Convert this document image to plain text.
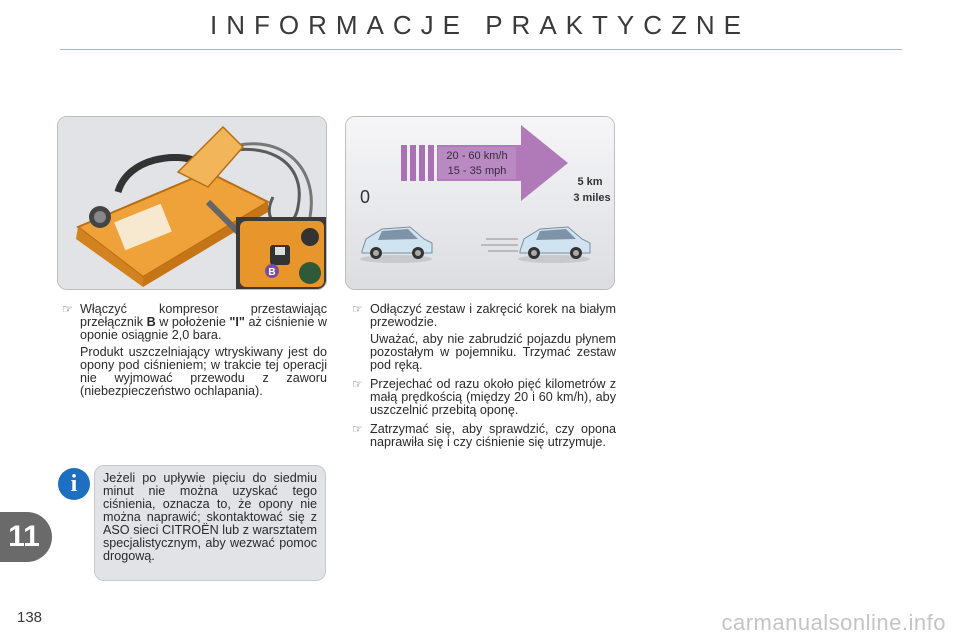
INFORMACJE PRAKTYCZNE
B
20 - 60 km/h
15 - 35 mph
0
5 km
3 miles
☞ Włączyć kompresor przestawiając przełącznik B w położenie "I" aż ciśnienie w oponie osiągnie 2,0 bara.
Produkt uszczelniający wtryskiwany jest do opony pod ciśnieniem; w trakcie tej operacji nie wyjmować przewodu z zaworu (niebezpieczeństwo ochlapania).
☞ Odłączyć zestaw i zakręcić korek na białym przewodzie.
Uważać, aby nie zabrudzić pojazdu płynem pozostałym w pojemniku. Trzymać zestaw pod ręką.
☞ Przejechać od razu około pięć kilometrów z małą prędkością (między 20 i 60 km/h), aby uszczelnić przebitą oponę.
☞ Zatrzymać się, aby sprawdzić, czy opona naprawiła się i czy ciśnienie się utrzymuje.
i	Jeżeli po upływie pięciu do siedmiu minut nie można uzyskać tego ciśnienia, oznacza to, że opony nie można naprawić; skontaktować się z ASO sieci CITROËN lub z warsztatem specjalistycznym, aby wezwać pomoc drogową.
11
138	carmanualsonline.info
